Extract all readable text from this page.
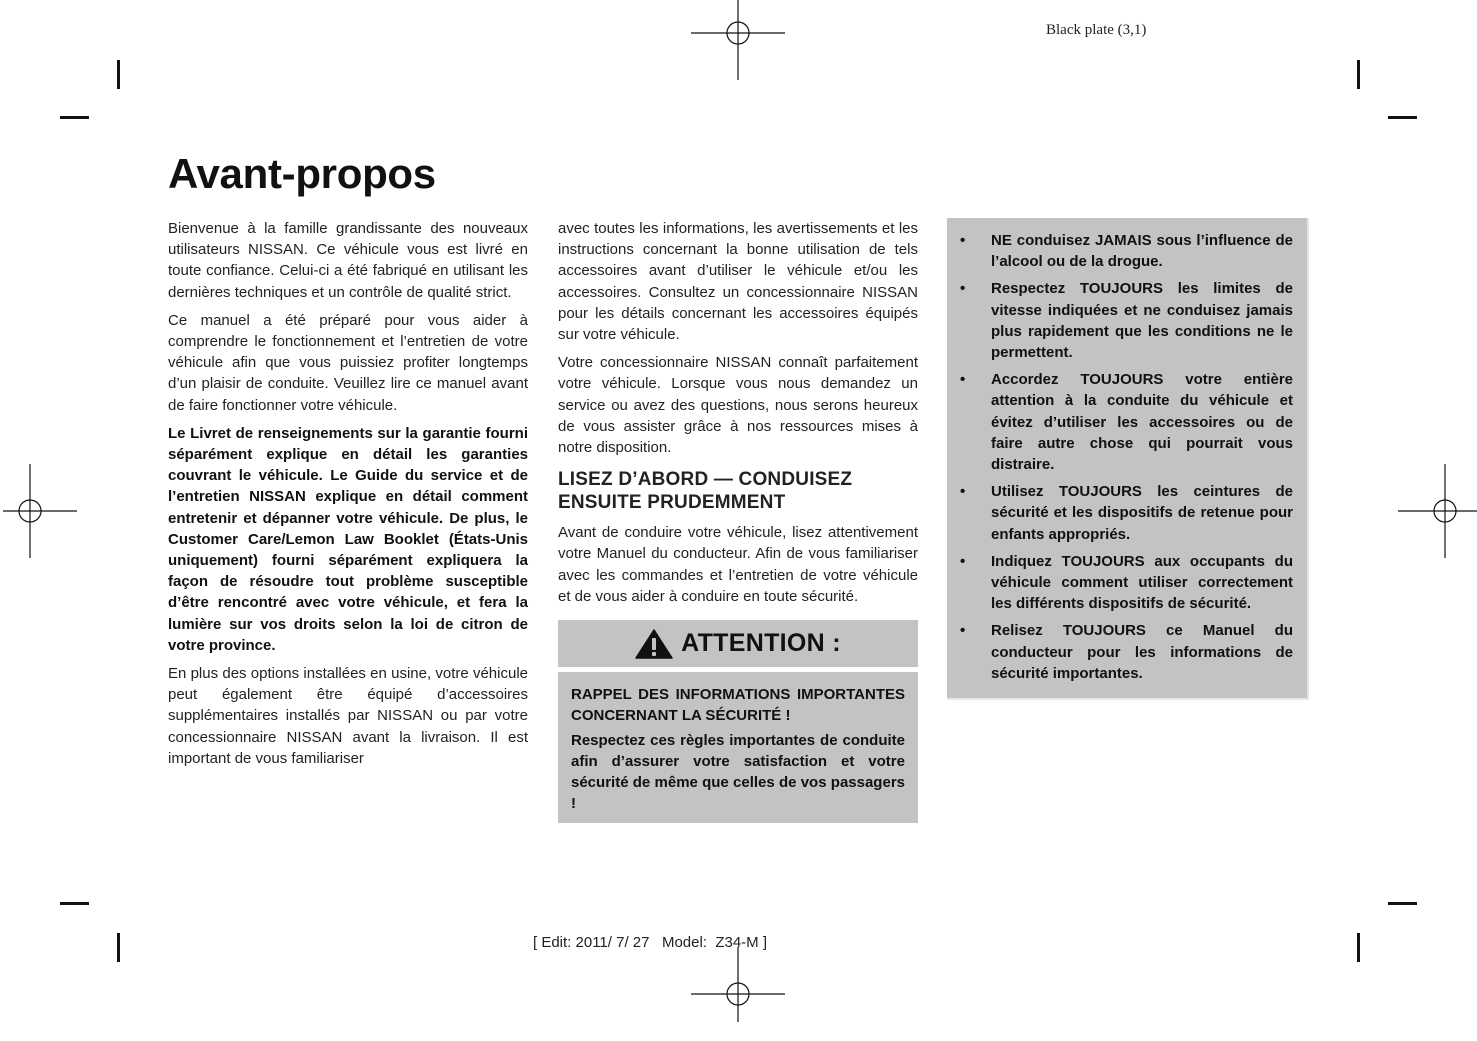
Black plate (3,1)
Avant-propos

Bienvenue à la famille grandissante des nouveaux utilisateurs NISSAN. Ce véhicule vous est livré en toute confiance. Celui-ci a été fabriqué en utilisant les dernières techniques et un contrôle de qualité strict.

Ce manuel a été préparé pour vous aider à comprendre le fonctionnement et l’entretien de votre véhicule afin que vous puissiez profiter longtemps d’un plaisir de conduite. Veuillez lire ce manuel avant de faire fonctionner votre véhicule.

Le Livret de renseignements sur la garantie fourni séparément explique en détail les garanties couvrant le véhicule. Le Guide du service et de l’entretien NISSAN explique en détail comment entretenir et dépanner votre véhicule. De plus, le Customer Care/Lemon Law Booklet (États-Unis uniquement) fourni séparément expliquera la façon de résoudre tout problème susceptible d’être rencontré avec votre véhicule, et fera la lumière sur vos droits selon la loi de citron de votre province.

En plus des options installées en usine, votre véhicule peut également être équipé d’accessoires supplémentaires installés par NISSAN ou par votre concessionnaire NISSAN avant la livraison. Il est important de vous familiariser

avec toutes les informations, les avertissements et les instructions concernant la bonne utilisation de tels accessoires avant d’utiliser le véhicule et/ou les accessoires. Consultez un concessionnaire NISSAN pour les détails concernant les accessoires équipés sur votre véhicule.

Votre concessionnaire NISSAN connaît parfaitement votre véhicule. Lorsque vous nous demandez un service ou avez des questions, nous serons heureux de vous assister grâce à nos ressources mises à notre disposition.

LISEZ D’ABORD — CONDUISEZ ENSUITE PRUDEMMENT

Avant de conduire votre véhicule, lisez attentivement votre Manuel du conducteur. Afin de vous familiariser avec les commandes et l’entretien de votre véhicule et de vous aider à conduire en toute sécurité.

ATTENTION :

RAPPEL DES INFORMATIONS IMPORTANTES CONCERNANT LA SÉCURITÉ !

Respectez ces règles importantes de conduite afin d’assurer votre satisfaction et votre sécurité de même que celles de vos passagers !

•	NE conduisez JAMAIS sous l’influence de l’alcool ou de la drogue.

•	Respectez TOUJOURS les limites de vitesse indiquées et ne conduisez jamais plus rapidement que les conditions ne le permettent.

•	Accordez TOUJOURS votre entière attention à la conduite du véhicule et évitez d’utiliser les accessoires ou de faire autre chose qui pourrait vous distraire.

•	Utilisez TOUJOURS les ceintures de sécurité et les dispositifs de retenue pour enfants appropriés.

•	Indiquez TOUJOURS aux occupants du véhicule comment utiliser correctement les différents dispositifs de sécurité.

•	Relisez TOUJOURS ce Manuel du conducteur pour les informations de sécurité importantes.

[ Edit: 2011/ 7/ 27   Model:  Z34-M ]
